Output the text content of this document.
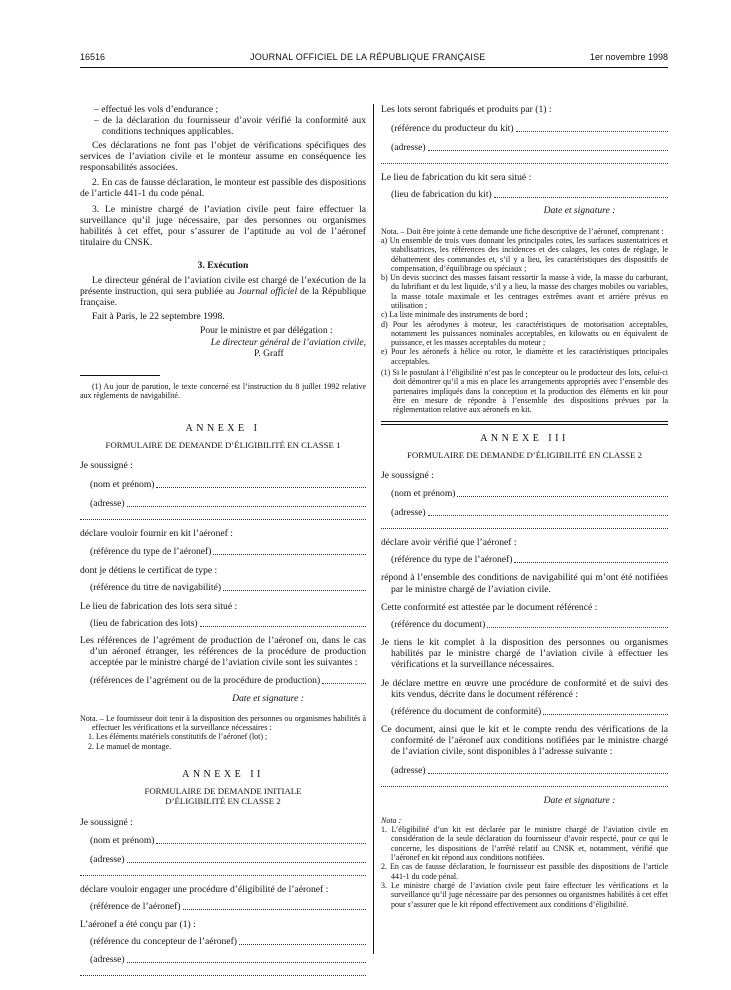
16516	JOURNAL OFFICIEL DE LA RÉPUBLIQUE FRANÇAISE	1er novembre 1998

– effectué les vols d’endurance ;

– de la déclaration du fournisseur d’avoir vérifié la conformité aux conditions techniques applicables.

Ces déclarations ne font pas l’objet de vérifications spécifiques des services de l’aviation civile et le monteur assume en conséquence les responsabilités associées.

2. En cas de fausse déclaration, le monteur est passible des dispositions de l’article 441-1 du code pénal.

3. Le ministre chargé de l’aviation civile peut faire effectuer la surveillance qu’il juge nécessaire, par des personnes ou organismes habilités à cet effet, pour s’assurer de l’aptitude au vol de l’aéronef titulaire du CNSK.

3. Exécution

Le directeur général de l’aviation civile est chargé de l’exécution de la présente instruction, qui sera publiée au Journal officiel de la République française.

Fait à Paris, le 22 septembre 1998.

Pour le ministre et par délégation :

Le directeur général de l’aviation civile,

P. Graff

(1) Au jour de parution, le texte concerné est l’instruction du 8 juillet 1992 relative aux règlements de navigabilité.

ANNEXE I

FORMULAIRE DE DEMANDE D’ÉLIGIBILITÉ EN CLASSE 1

Je soussigné :

(nom et prénom)
(adresse)

déclare vouloir fournir en kit l’aéronef :

(référence du type de l’aéronef)

dont je détiens le certificat de type :

(référence du titre de navigabilité)

Le lieu de fabrication des lots sera situé :

(lieu de fabrication des lots)

Les références de l’agrément de production de l’aéronef ou, dans le cas d’un aéronef étranger, les références de la procédure de production acceptée par le ministre chargé de l’aviation civile sont les suivantes :

(références de l’agrément ou de la procédure de production)

Date et signature :

Nota. – Le fournisseur doit tenir à la disposition des personnes ou organismes habilités à effectuer les vérifications et la surveillance nécessaires :

1. Les éléments matériels constitutifs de l’aéronef (lot) ;

2. Le manuel de montage.

ANNEXE II

FORMULAIRE DE DEMANDE INITIALE

D’ÉLIGIBILITÉ EN CLASSE 2

Je soussigné :

(nom et prénom)
(adresse)

déclare vouloir engager une procédure d’éligibilité de l’aéronef :

(référence de l’aéronef)

L’aéronef a été conçu par (1) :

(référence du concepteur de l’aéronef)
(adresse)

Les lots seront fabriqués et produits par (1) :

(référence du producteur du kit)
(adresse)

Le lieu de fabrication du kit sera situé :

(lieu de fabrication du kit)

Date et signature :

Nota. – Doit être jointe à cette demande une fiche descriptive de l’aéronef, comprenant :

a) Un ensemble de trois vues donnant les principales cotes, les surfaces sustentatrices et stabilisatrices, les références des incidences et des calages, les cotes de réglage, le débattement des commandes et, s’il y a lieu, les caractéristiques des dispositifs de compensation, d’équilibrage ou spéciaux ;

b) Un devis succinct des masses faisant ressortir la masse à vide, la masse du carburant, du lubrifiant et du lest liquide, s’il y a lieu, la masse des charges mobiles ou variables, la masse totale maximale et les centrages extrêmes avant et arrière prévus en utilisation ;

c) La liste minimale des instruments de bord ;

d) Pour les aérodynes à moteur, les caractéristiques de motorisation acceptables, notamment les puissances nominales acceptables, en kilowatts ou en équivalent de puissance, et les masses acceptables du moteur ;

e) Pour les aéronefs à hélice ou rotor, le diamètre et les caractéristiques principales acceptables.

(1) Si le postulant à l’éligibilité n’est pas le concepteur ou le producteur des lots, celui-ci doit démontrer qu’il a mis en place les arrangements appropriés avec l’ensemble des partenaires impliqués dans la conception et la production des éléments en kit pour être en mesure de répondre à l’ensemble des dispositions prévues par la réglementation relative aux aéronefs en kit.

ANNEXE III

FORMULAIRE DE DEMANDE D’ÉLIGIBILITÉ EN CLASSE 2

Je soussigné :

(nom et prénom)
(adresse)

déclare avoir vérifié que l’aéronef :

(référence du type de l’aéronef)

répond à l’ensemble des conditions de navigabilité qui m’ont été notifiées par le ministre chargé de l’aviation civile.

Cette conformité est attestée par le document référencé :

(référence du document)

Je tiens le kit complet à la disposition des personnes ou organismes habilités par le ministre chargé de l’aviation civile à effectuer les vérifications et la surveillance nécessaires.

Je déclare mettre en œuvre une procédure de conformité et de suivi des kits vendus, décrite dans le document référencé :

(référence du document de conformité)

Ce document, ainsi que le kit et le compte rendu des vérifications de la conformité de l’aéronef aux conditions notifiées par le ministre chargé de l’aviation civile, sont disponibles à l’adresse suivante :

(adresse)

Date et signature :

Nota :

1. L’éligibilité d’un kit est déclarée par le ministre chargé de l’aviation civile en considération de la seule déclaration du fournisseur d’avoir respecté, pour ce qui le concerne, les dispositions de l’arrêté relatif au CNSK et, notamment, vérifié que l’aéronef en kit répond aux conditions notifiées.

2. En cas de fausse déclaration, le fournisseur est passible des dispositions de l’article 441-1 du code pénal.

3. Le ministre chargé de l’aviation civile peut faire effectuer les vérifications et la surveillance qu’il juge nécessaire par des personnes ou organismes habilités à cet effet pour s’assurer que le kit répond effectivement aux conditions d’éligibilité.
